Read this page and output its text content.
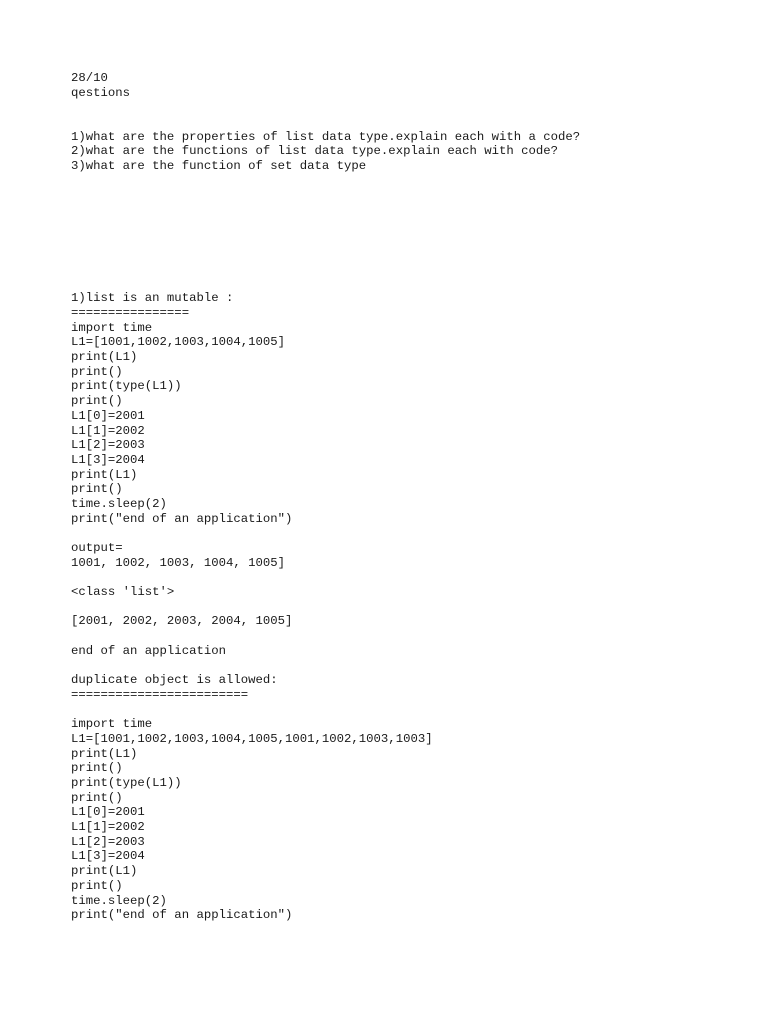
28/10
qestions
1)what are the properties of list data type.explain each with a code?
2)what are the functions of list data type.explain each with code?
3)what are the function of set data type
1)list is an mutable :
================
import time
L1=[1001,1002,1003,1004,1005]
print(L1)
print()
print(type(L1))
print()
L1[0]=2001
L1[1]=2002
L1[2]=2003
L1[3]=2004
print(L1)
print()
time.sleep(2)
print("end of an application")
output=
1001, 1002, 1003, 1004, 1005]
<class 'list'>
[2001, 2002, 2003, 2004, 1005]
end of an application
duplicate object is allowed:
========================
import time
L1=[1001,1002,1003,1004,1005,1001,1002,1003,1003]
print(L1)
print()
print(type(L1))
print()
L1[0]=2001
L1[1]=2002
L1[2]=2003
L1[3]=2004
print(L1)
print()
time.sleep(2)
print("end of an application")
